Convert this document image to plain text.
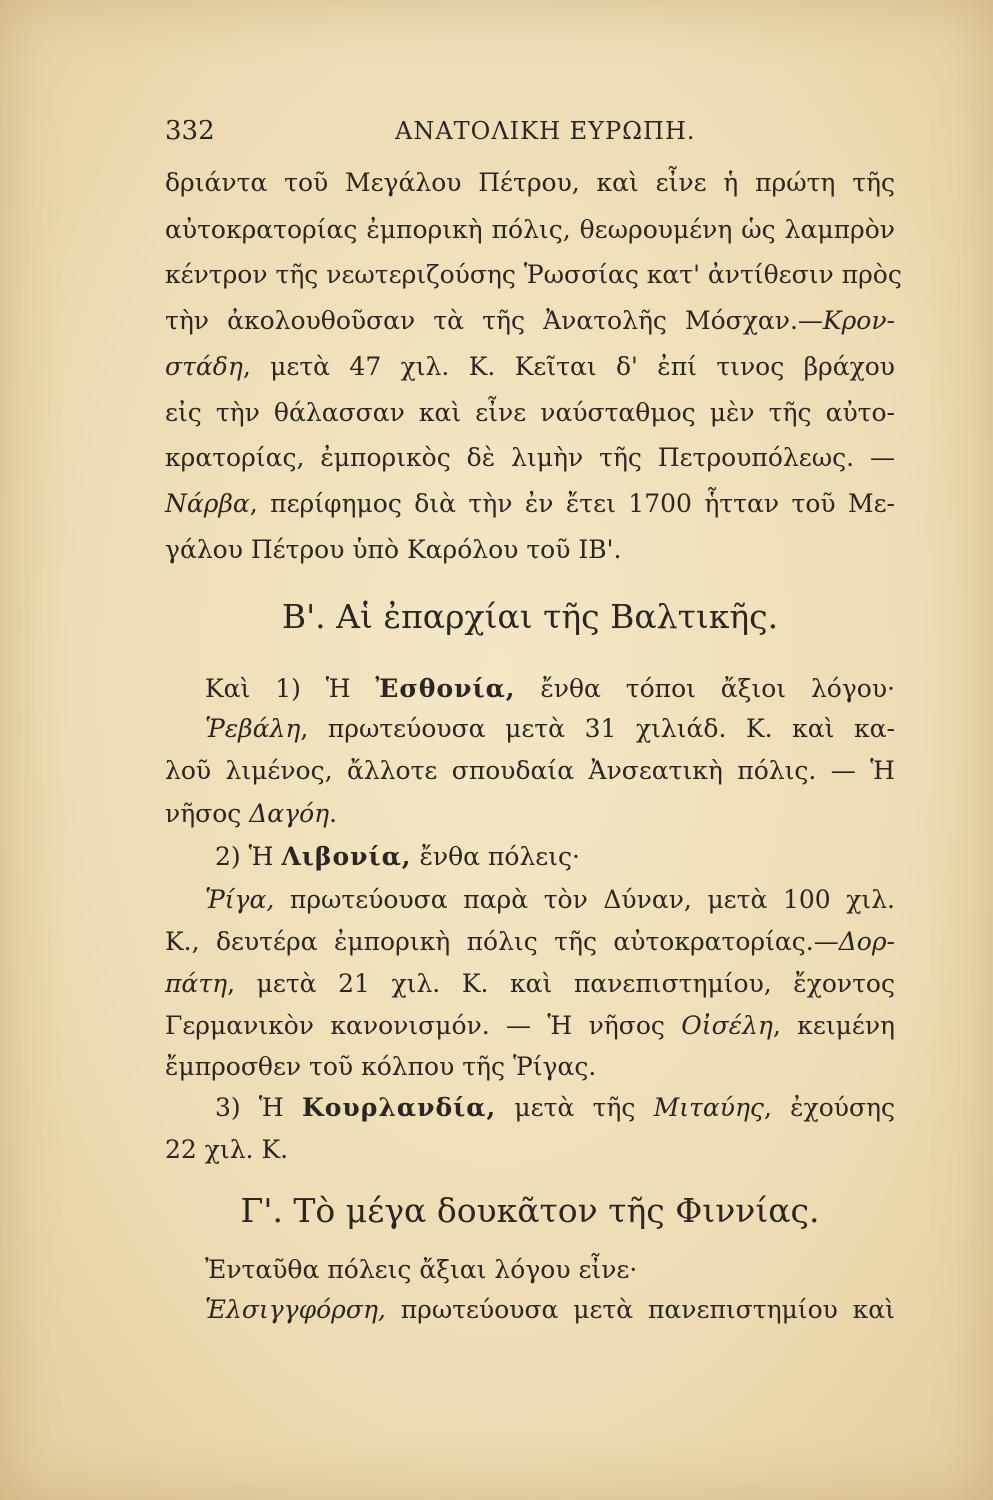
332	ΑΝΑΤΟΛΙΚΗ ΕΥΡΩΠΗ.

δριάντα τοῦ Μεγάλου Πέτρου, καὶ εἶνε ἡ πρώτη τῆς

αὐτοκρατορίας ἐμπορικὴ πόλις, θεωρουμένη ὡς λαμπρὸν

κέντρον τῆς νεωτεριζούσης Ῥωσσίας κατ' ἀντίθεσιν πρὸς

τὴν ἀκολουθοῦσαν τὰ τῆς Ἀνατολῆς Μόσχαν.—Κρον-

στάδη, μετὰ 47 χιλ. Κ. Κεῖται δ' ἐπί τινος βράχου

εἰς τὴν θάλασσαν καὶ εἶνε ναύσταθμος μὲν τῆς αὐτο-

κρατορίας, ἐμπορικὸς δὲ λιμὴν τῆς Πετρουπόλεως. —

Νάρβα, περίφημος διὰ τὴν ἐν ἔτει 1700 ἧτταν τοῦ Με-

γάλου Πέτρου ὑπὸ Καρόλου τοῦ ΙΒ'.

Β'. Αἱ ἐπαρχίαι τῆς Βαλτικῆς.

Καὶ 1) Ἡ Ἐσθονία, ἔνθα τόποι ἄξιοι λόγου·

Ῥεβάλη, πρωτεύουσα μετὰ 31 χιλιάδ. Κ. καὶ κα-

λοῦ λιμένος, ἄλλοτε σπουδαία Ἀνσεατικὴ πόλις. — Ἡ

νῆσος Δαγόη.

2) Ἡ Λιβονία, ἔνθα πόλεις·

Ῥίγα, πρωτεύουσα παρὰ τὸν Δύναν, μετὰ 100 χιλ.

Κ., δευτέρα ἐμπορικὴ πόλις τῆς αὐτοκρατορίας.—Δορ-

πάτη, μετὰ 21 χιλ. Κ. καὶ πανεπιστημίου, ἔχοντος

Γερμανικὸν κανονισμόν. — Ἡ νῆσος Οἰσέλη, κειμένη

ἔμπροσθεν τοῦ κόλπου τῆς Ῥίγας.

3) Ἡ Κουρλανδία, μετὰ τῆς Μιταύης, ἐχούσης

22 χιλ. Κ.

Γ'. Τὸ μέγα δουκᾶτον τῆς Φιννίας.

Ἐνταῦθα πόλεις ἄξιαι λόγου εἶνε·

Ἑλσιγγφόρση, πρωτεύουσα μετὰ πανεπιστημίου καὶ
